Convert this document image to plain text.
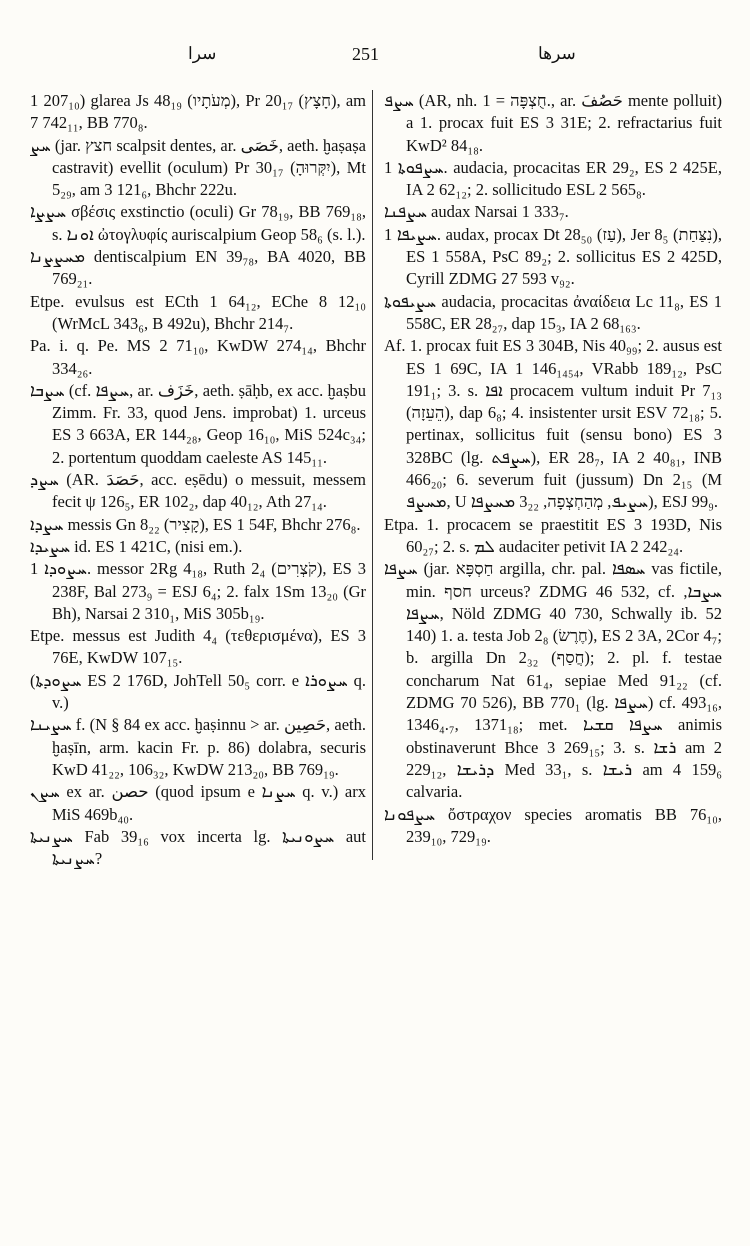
سرا	251	سرها

1 207₁₀) glarea Js 48₁₉ (מְעֹתָיו), Pr 20₁₇ (חָצָץ), am 7 742₁₁, BB 770₈.

ܚܨ (jar. חצץ scalpsit dentes, ar. خَصَى, aeth. ḫaṣaṣa castravit) evellit (oculum) Pr 30₁₇ (יִקְּרוּהָ), Mt 5₂₉, am 3 121₆, Bhchr 222u.

ܚܨܨܐ σβέσις exstinctio (oculi) Gr 78₁₉, BB 769₁₈, s. ܐܘܢܐ ὠτογλυφίς auriscalpium Geop 58₆ (s. l.).

ܡܚܨܨܢܐ dentiscalpium EN 39₇₈, BA 4020, BB 769₂₁.

Etpe. evulsus est ECth 1 64₁₂, EChe 8 12₁₀ (WrMcL 343₆, B 492u), Bhchr 214₇.

Pa. i. q. Pe. MS 2 71₁₀, KwDW 274₁₄, Bhchr 334₂₆.

ܚܨܒܐ (cf. ܚܨܦܐ, ar. خَزَف, aeth. ṣāḥb, ex acc. ḫaṣbu Zimm. Fr. 33, quod Jens. improbat) 1. urceus ES 3 663A, ER 144₂₈, Geop 16₁₀, MiS 524c₃₄; 2. portentum quoddam caeleste AS 145₁₁.

ܚܨܕ (AR. حَصَدَ, acc. eṣēdu) o messuit, messem fecit ψ 126₅, ER 102₂, dap 40₁₂, Ath 27₁₄.

ܚܨܕܐ messis Gn 8₂₂ (קָצִיר), ES 1 54F, Bhchr 276₈.

ܚܨܝܕܐ id. ES 1 421C, (nisi em.).

ܚܨܘܕܐ 1. messor 2Rg 4₁₈, Ruth 2₄ (קֹצְרִים), ES 3 238F, Bal 273₉ = ESJ 6₄; 2. falx 1Sm 13₂₀ (Gr Bh), Narsai 2 310₁, MiS 305b₁₉.

Etpe. messus est Judith 4₄ (τεθερισμένα), ES 3 76E, KwDW 107₁₅.

(ܚܨܘܕܬܐ ES 2 176D, JohTell 50₅ corr. e ܚܨܘܪܐ q. v.)

ܚܨܝܢܐ f. (N § 84 ex acc. ḫaṣinnu > ar. حَصِين, aeth. ḫaṣīn, arm. kacin Fr. p. 86) dolabra, securis KwD 41₂₂, 106₃₂, KwDW 213₂₀, BB 769₁₉.

ܚܨܢ ex ar. حصن (quod ipsum e ܚܨܢܐ q. v.) arx MiS 469b₄₀.

ܚܨܢܝܬܐ Fab 39₁₆ vox incerta lg. ܚܨܘܢܝܬܐ aut ܚܨܢܝܬܐ?

ܚܨܦ (AR, nh. חֻצְפָּה = 1., ar. حَصُفَ mente polluit) a 1. procax fuit ES 3 31E; 2. refractarius fuit KwD² 84₁₈.

ܚܨܦܘܬܐ 1. audacia, procacitas ER 29₂, ES 2 425E, IA 2 62₁₂; 2. sollicitudo ESL 2 565₈.

ܚܨܦܢܐ audax Narsai 1 333₇.

ܚܨܝܦܐ 1. audax, procax Dt 28₅₀ (עַז), Jer 8₅ (נִצַּחַת), ES 1 558A, PsC 89₂; 2. sollicitus ES 2 425D, Cyrill ZDMG 27 593 v₉₂.

ܚܨܝܦܘܬܐ audacia, procacitas ἀναίδεια Lc 11₈, ES 1 558C, ER 28₂₇, dap 15₃, IA 2 68₁₆₃.

Af. 1. procax fuit ES 3 304B, Nis 40₉₉; 2. ausus est ES 1 69C, IA 1 146₁₄₅₄, VRabb 189₁₂, PsC 191₁; 3. s. ܐܦܐ procacem vultum induit Pr 7₁₃ (הֵעֵזָה), dap 6₈; 4. insistenter ursit ESV 72₁₈; 5. pertinax, sollicitus fuit (sensu bono) ES 3 328BC (lg. ܚܨܦܬ), ER 28₇, IA 2 40₈₁, INB 466₂₀; 6. severum fuit (jussum) Dn 2₁₅ (M ܡܚܨܦ, U ܚܨܝܦ, מְהַחְצְפָה, 3₂₂ ܡܚܨܦܐ), ESJ 99₉.

Etpa. 1. procacem se praestitit ES 3 193D, Nis 60₂₇; 2. s. ܠܡ audaciter petivit IA 2 242₂₄.

ܚܨܦܐ (jar. חַסְפָּא argilla, chr. pal. ܚܣܦܐ vas fictile, min. חסף urceus? ZDMG 46 532, cf. ܚܨܒܐ, ܚܨܦܐ, Nöld ZDMG 40 730, Schwally ib. 52 140) 1. a. testa Job 2₈ (חֶרֶשׂ), ES 2 3A, 2Cor 4₇; b. argilla Dn 2₃₂ (חֲסַף); 2. pl. f. testae concharum Nat 61₄, sepiae Med 91₂₂ (cf. ZDMG 70 526), BB 770₁ (lg. ܚܨܦܐ) cf. 493₁₆, 1346₄.₇, 1371₁₈; met. ܚܨܦܐ ܩܫܝܐ animis obstinaverunt Bhce 3 269₁₅; 3. s. ܪܫܐ am 2 229₁₂, ܕܪܝܫܐ Med 33₁, s. ܪܝܫܐ am 4 159₆ calvaria.

ܚܨܦܘܢܐ ὄστραχον species aromatis BB 76₁₀, 239₁₀, 729₁₉.
